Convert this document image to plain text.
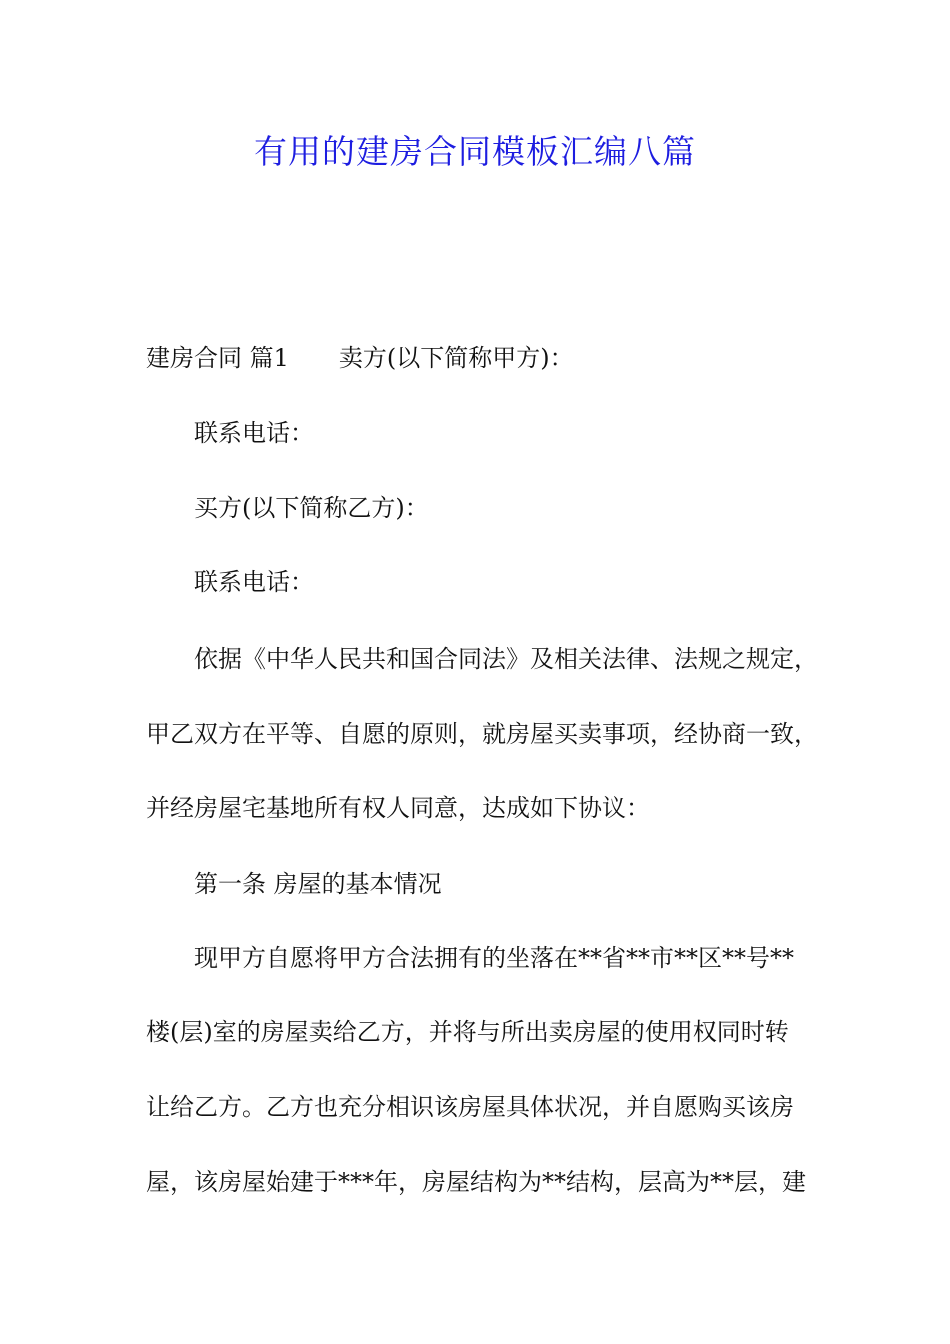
有用的建房合同模板汇编八篇
建房合同 篇1 卖方(以下简称甲方)：
联系电话：
买方(以下简称乙方)：
联系电话：
依据《中华人民共和国合同法》及相关法律、法规之规定，
甲乙双方在平等、自愿的原则，就房屋买卖事项，经协商一致，
并经房屋宅基地所有权人同意，达成如下协议：
第一条 房屋的基本情况
现甲方自愿将甲方合法拥有的坐落在**省**市**区**号**
楼(层)室的房屋卖给乙方，并将与所出卖房屋的使用权同时转
让给乙方。乙方也充分相识该房屋具体状况，并自愿购买该房
屋，该房屋始建于***年，房屋结构为**结构，层高为**层，建
